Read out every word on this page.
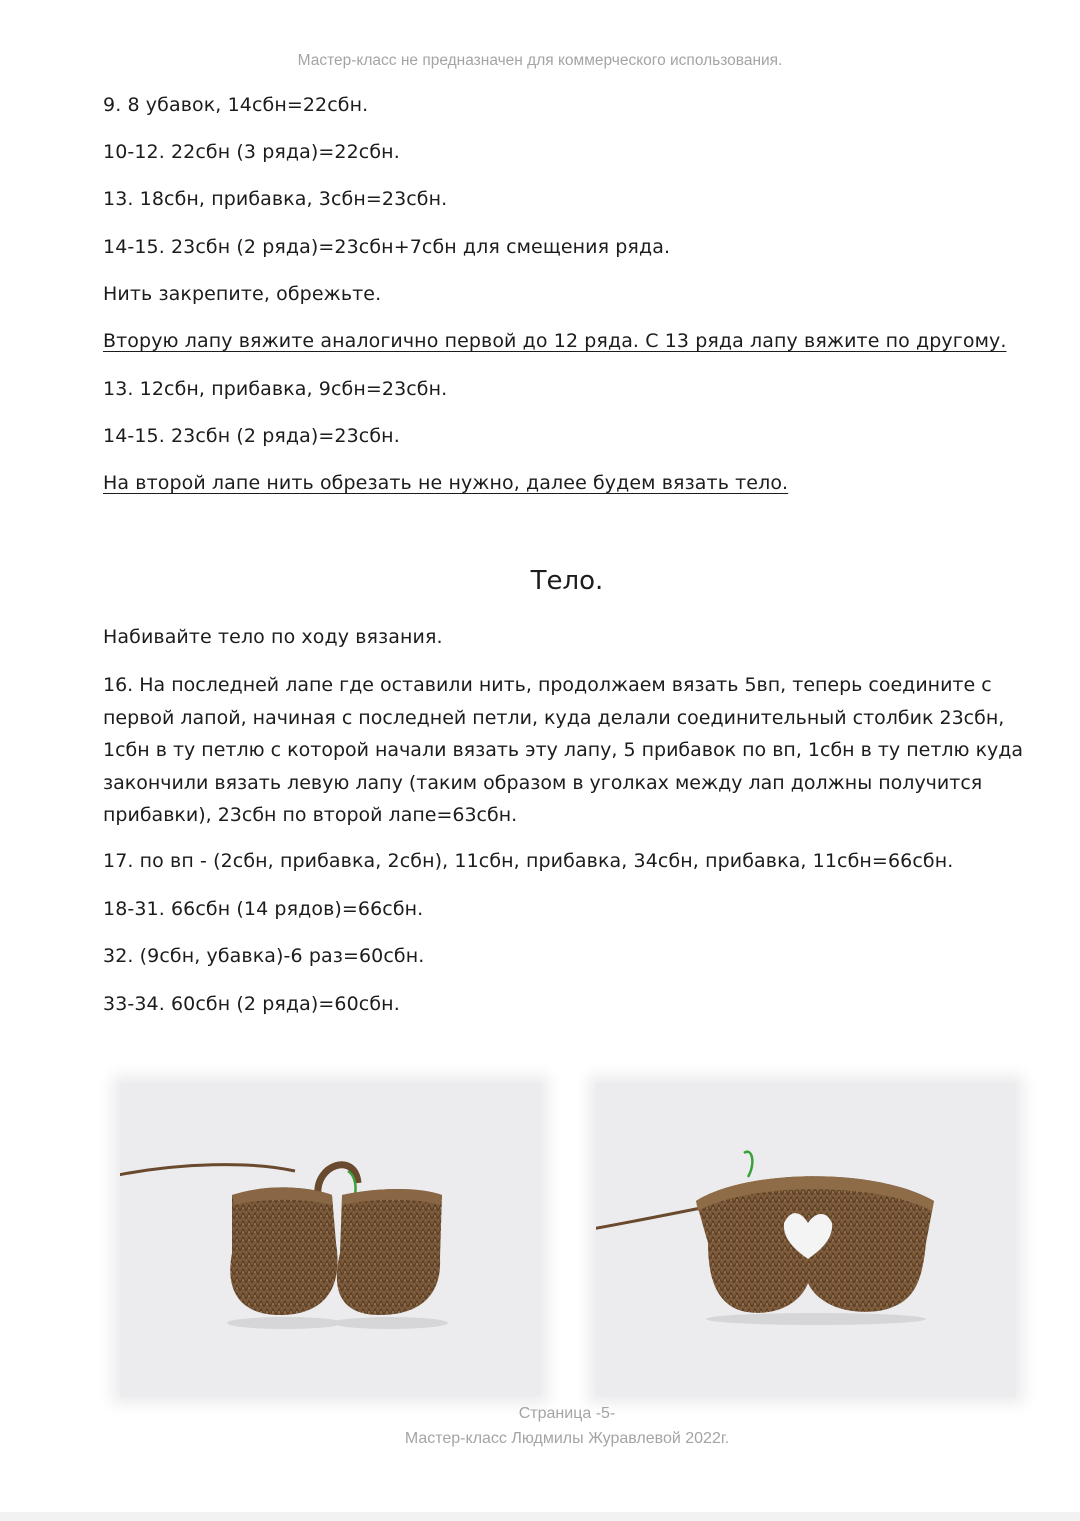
Мастер-класс не предназначен для коммерческого использования.
9. 8 убавок, 14сбн=22сбн.
10-12. 22сбн (3 ряда)=22сбн.
13. 18сбн, прибавка, 3сбн=23сбн.
14-15. 23сбн (2 ряда)=23сбн+7сбн для смещения ряда.
Нить закрепите, обрежьте.
Вторую лапу вяжите аналогично первой до 12 ряда. С 13 ряда лапу вяжите по другому.
13. 12сбн, прибавка, 9сбн=23сбн.
14-15. 23сбн (2 ряда)=23сбн.
На второй лапе нить обрезать не нужно, далее будем вязать тело.
Тело.
Набивайте тело по ходу вязания.
16. На последней лапе где оставили нить, продолжаем вязать 5вп, теперь соедините с первой лапой, начиная с последней петли, куда делали соединительный столбик 23сбн, 1сбн в ту петлю с которой начали вязать эту лапу, 5 прибавок по вп, 1сбн в ту петлю куда закончили вязать левую лапу (таким образом в уголках между лап должны получится прибавки), 23сбн по второй лапе=63сбн.
17. по вп - (2сбн, прибавка, 2сбн), 11сбн, прибавка, 34сбн, прибавка, 11сбн=66сбн.
18-31. 66сбн (14 рядов)=66сбн.
32. (9сбн, убавка)-6 раз=60сбн.
33-34. 60сбн (2 ряда)=60сбн.
Страница -5-
Мастер-класс Людмилы Журавлевой 2022г.
